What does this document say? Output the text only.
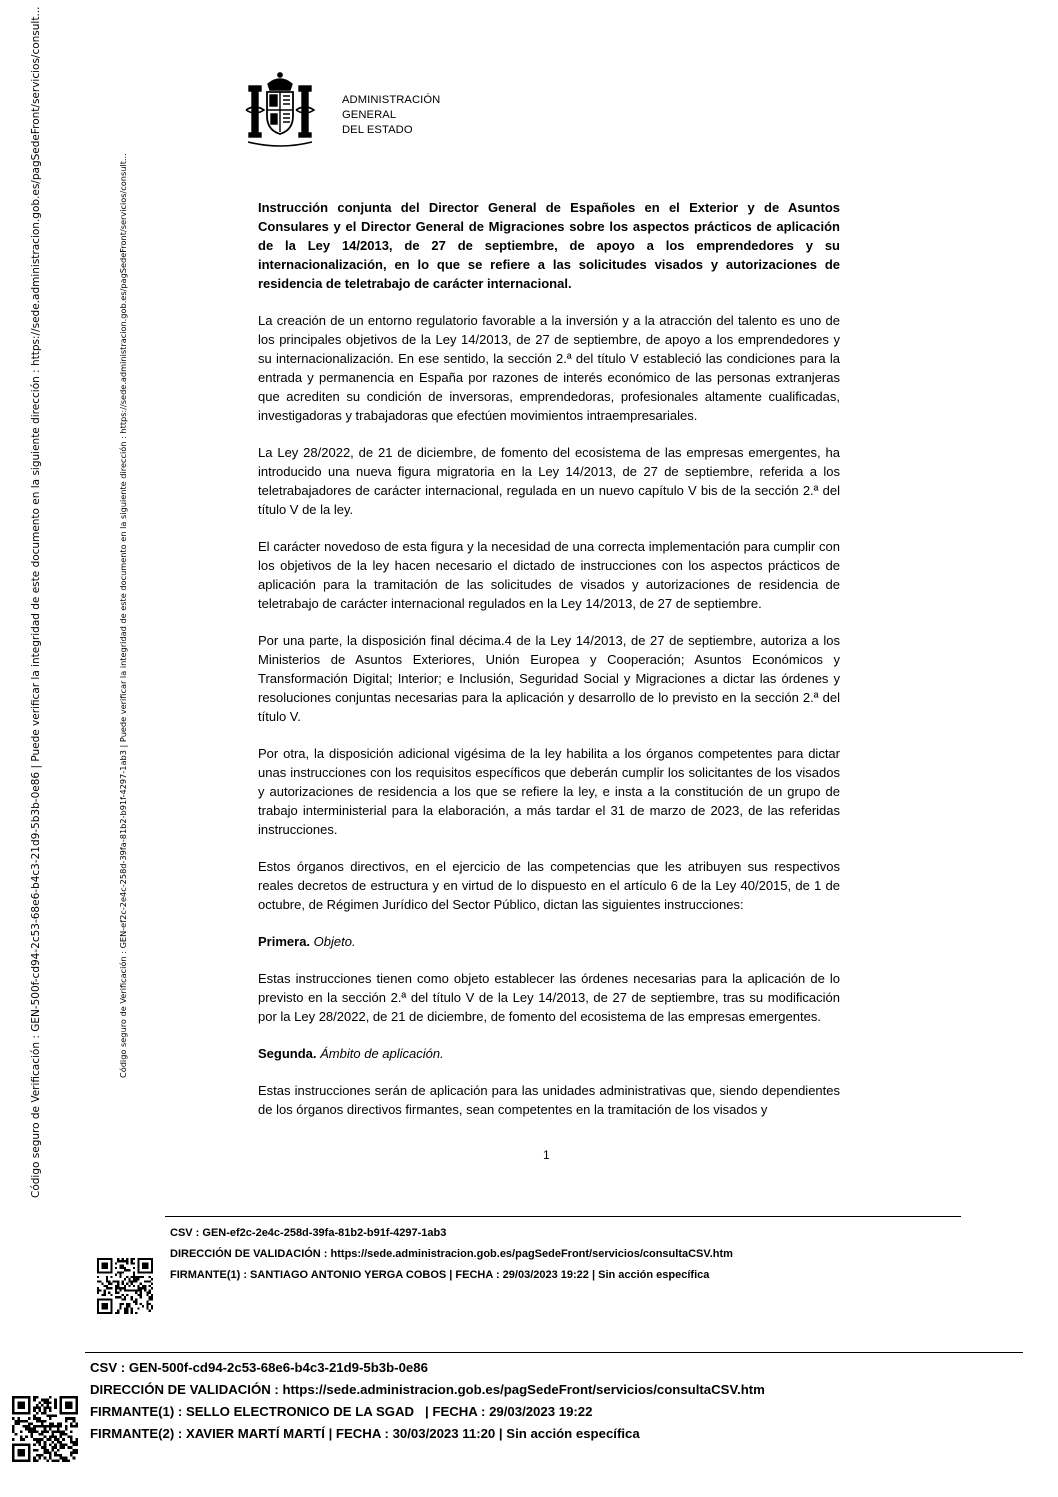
Código seguro de Verificación : GEN-500f-cd94-2c53-68e6-b4c3-21d9-5b3b-0e86 | Puede verificar la integridad de este documento en la siguiente dirección : https://sede.administracion.gob.es/pagSedeFront/servicios/consult...	Código seguro de Verificación : GEN-ef2c-2e4c-258d-39fa-81b2-b91f-4297-1ab3 | Puede verificar la integridad de este documento en la siguiente dirección : https://sede.administracion.gob.es/pagSedeFront/servicios/consult...
ADMINISTRACIÓN
GENERAL
DEL ESTADO

Instrucción conjunta del Director General de Españoles en el Exterior y de Asuntos Consulares y el Director General de Migraciones sobre los aspectos prácticos de aplicación de la Ley 14/2013, de 27 de septiembre, de apoyo a los emprendedores y su internacionalización, en lo que se refiere a las solicitudes visados y autorizaciones de residencia de teletrabajo de carácter internacional.

La creación de un entorno regulatorio favorable a la inversión y a la atracción del talento es uno de los principales objetivos de la Ley 14/2013, de 27 de septiembre, de apoyo a los emprendedores y su internacionalización. En ese sentido, la sección 2.ª del título V estableció las condiciones para la entrada y permanencia en España por razones de interés económico de las personas extranjeras que acrediten su condición de inversoras, emprendedoras, profesionales altamente cualificadas, investigadoras y trabajadoras que efectúen movimientos intraempresariales.

La Ley 28/2022, de 21 de diciembre, de fomento del ecosistema de las empresas emergentes, ha introducido una nueva figura migratoria en la Ley 14/2013, de 27 de septiembre, referida a los teletrabajadores de carácter internacional, regulada en un nuevo capítulo V bis de la sección 2.ª del título V de la ley.

El carácter novedoso de esta figura y la necesidad de una correcta implementación para cumplir con los objetivos de la ley hacen necesario el dictado de instrucciones con los aspectos prácticos de aplicación para la tramitación de las solicitudes de visados y autorizaciones de residencia de teletrabajo de carácter internacional regulados en la Ley 14/2013, de 27 de septiembre.

Por una parte, la disposición final décima.4 de la Ley 14/2013, de 27 de septiembre, autoriza a los Ministerios de Asuntos Exteriores, Unión Europea y Cooperación; Asuntos Económicos y Transformación Digital; Interior; e Inclusión, Seguridad Social y Migraciones a dictar las órdenes y resoluciones conjuntas necesarias para la aplicación y desarrollo de lo previsto en la sección 2.ª del título V.

Por otra, la disposición adicional vigésima de la ley habilita a los órganos competentes para dictar unas instrucciones con los requisitos específicos que deberán cumplir los solicitantes de los visados y autorizaciones de residencia a los que se refiere la ley, e insta a la constitución de un grupo de trabajo interministerial para la elaboración, a más tardar el 31 de marzo de 2023, de las referidas instrucciones.

Estos órganos directivos, en el ejercicio de las competencias que les atribuyen sus respectivos reales decretos de estructura y en virtud de lo dispuesto en el artículo 6 de la Ley 40/2015, de 1 de octubre, de Régimen Jurídico del Sector Público, dictan las siguientes instrucciones:

Primera. Objeto.

Estas instrucciones tienen como objeto establecer las órdenes necesarias para la aplicación de lo previsto en la sección 2.ª del título V de la Ley 14/2013, de 27 de septiembre, tras su modificación por la Ley 28/2022, de 21 de diciembre, de fomento del ecosistema de las empresas emergentes.

Segunda. Ámbito de aplicación.

Estas instrucciones serán de aplicación para las unidades administrativas que, siendo dependientes de los órganos directivos firmantes, sean competentes en la tramitación de los visados y

1
CSV : GEN-ef2c-2e4c-258d-39fa-81b2-b91f-4297-1ab3
DIRECCIÓN DE VALIDACIÓN : https://sede.administracion.gob.es/pagSedeFront/servicios/consultaCSV.htm
FIRMANTE(1) : SANTIAGO ANTONIO YERGA COBOS | FECHA : 29/03/2023 19:22 | Sin acción específica
CSV : GEN-500f-cd94-2c53-68e6-b4c3-21d9-5b3b-0e86
DIRECCIÓN DE VALIDACIÓN : https://sede.administracion.gob.es/pagSedeFront/servicios/consultaCSV.htm
FIRMANTE(1) : SELLO ELECTRONICO DE LA SGAD   | FECHA : 29/03/2023 19:22
FIRMANTE(2) : XAVIER MARTÍ MARTÍ | FECHA : 30/03/2023 11:20 | Sin acción específica
